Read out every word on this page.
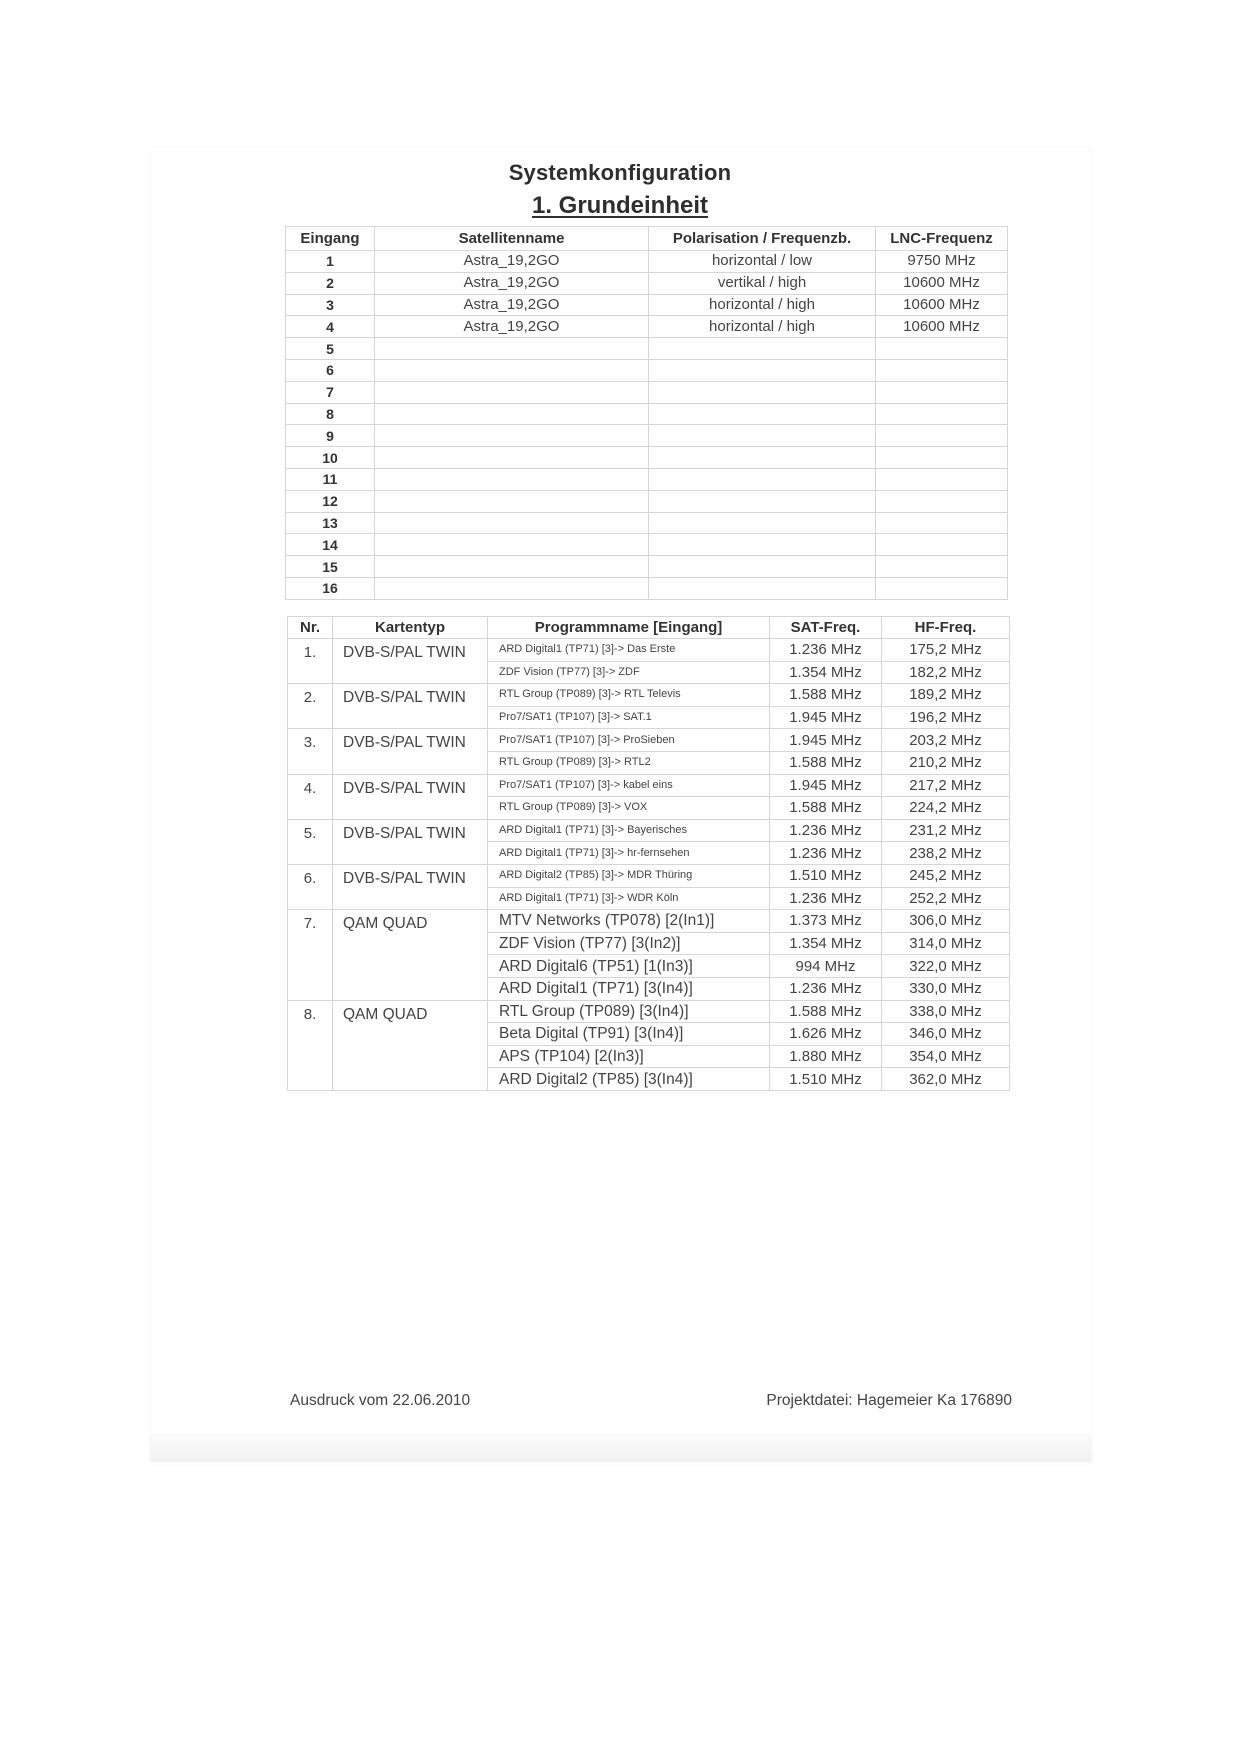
Systemkonfiguration
1. Grundeinheit
Eingang	Satellitenname	Polarisation / Frequenzb.	LNC-Frequenz
1	Astra_19,2GO	horizontal / low	9750 MHz
2	Astra_19,2GO	vertikal / high	10600 MHz
3	Astra_19,2GO	horizontal / high	10600 MHz
4	Astra_19,2GO	horizontal / high	10600 MHz
5			
6			
7			
8			
9			
10			
11			
12			
13			
14			
15			
16			
Nr.	Kartentyp	Programmname [Eingang]	SAT-Freq.	HF-Freq.
1.	DVB-S/PAL TWIN	ARD Digital1 (TP71) [3]-> Das Erste	1.236 MHz	175,2 MHz
		ZDF Vision (TP77) [3]-> ZDF	1.354 MHz	182,2 MHz
2.	DVB-S/PAL TWIN	RTL Group (TP089) [3]-> RTL Televis	1.588 MHz	189,2 MHz
		Pro7/SAT1 (TP107) [3]-> SAT.1	1.945 MHz	196,2 MHz
3.	DVB-S/PAL TWIN	Pro7/SAT1 (TP107) [3]-> ProSieben	1.945 MHz	203,2 MHz
		RTL Group (TP089) [3]-> RTL2	1.588 MHz	210,2 MHz
4.	DVB-S/PAL TWIN	Pro7/SAT1 (TP107) [3]-> kabel eins	1.945 MHz	217,2 MHz
		RTL Group (TP089) [3]-> VOX	1.588 MHz	224,2 MHz
5.	DVB-S/PAL TWIN	ARD Digital1 (TP71) [3]-> Bayerisches	1.236 MHz	231,2 MHz
		ARD Digital1 (TP71) [3]-> hr-fernsehen	1.236 MHz	238,2 MHz
6.	DVB-S/PAL TWIN	ARD Digital2 (TP85) [3]-> MDR Thüring	1.510 MHz	245,2 MHz
		ARD Digital1 (TP71) [3]-> WDR Köln	1.236 MHz	252,2 MHz
7.	QAM QUAD	MTV Networks (TP078) [2(In1)]	1.373 MHz	306,0 MHz
		ZDF Vision (TP77) [3(In2)]	1.354 MHz	314,0 MHz
		ARD Digital6 (TP51) [1(In3)]	994 MHz	322,0 MHz
		ARD Digital1 (TP71) [3(In4)]	1.236 MHz	330,0 MHz
8.	QAM QUAD	RTL Group (TP089) [3(In4)]	1.588 MHz	338,0 MHz
		Beta Digital (TP91) [3(In4)]	1.626 MHz	346,0 MHz
		APS (TP104) [2(In3)]	1.880 MHz	354,0 MHz
		ARD Digital2 (TP85) [3(In4)]	1.510 MHz	362,0 MHz
Ausdruck vom 22.06.2010	Projektdatei: Hagemeier Ka 176890
